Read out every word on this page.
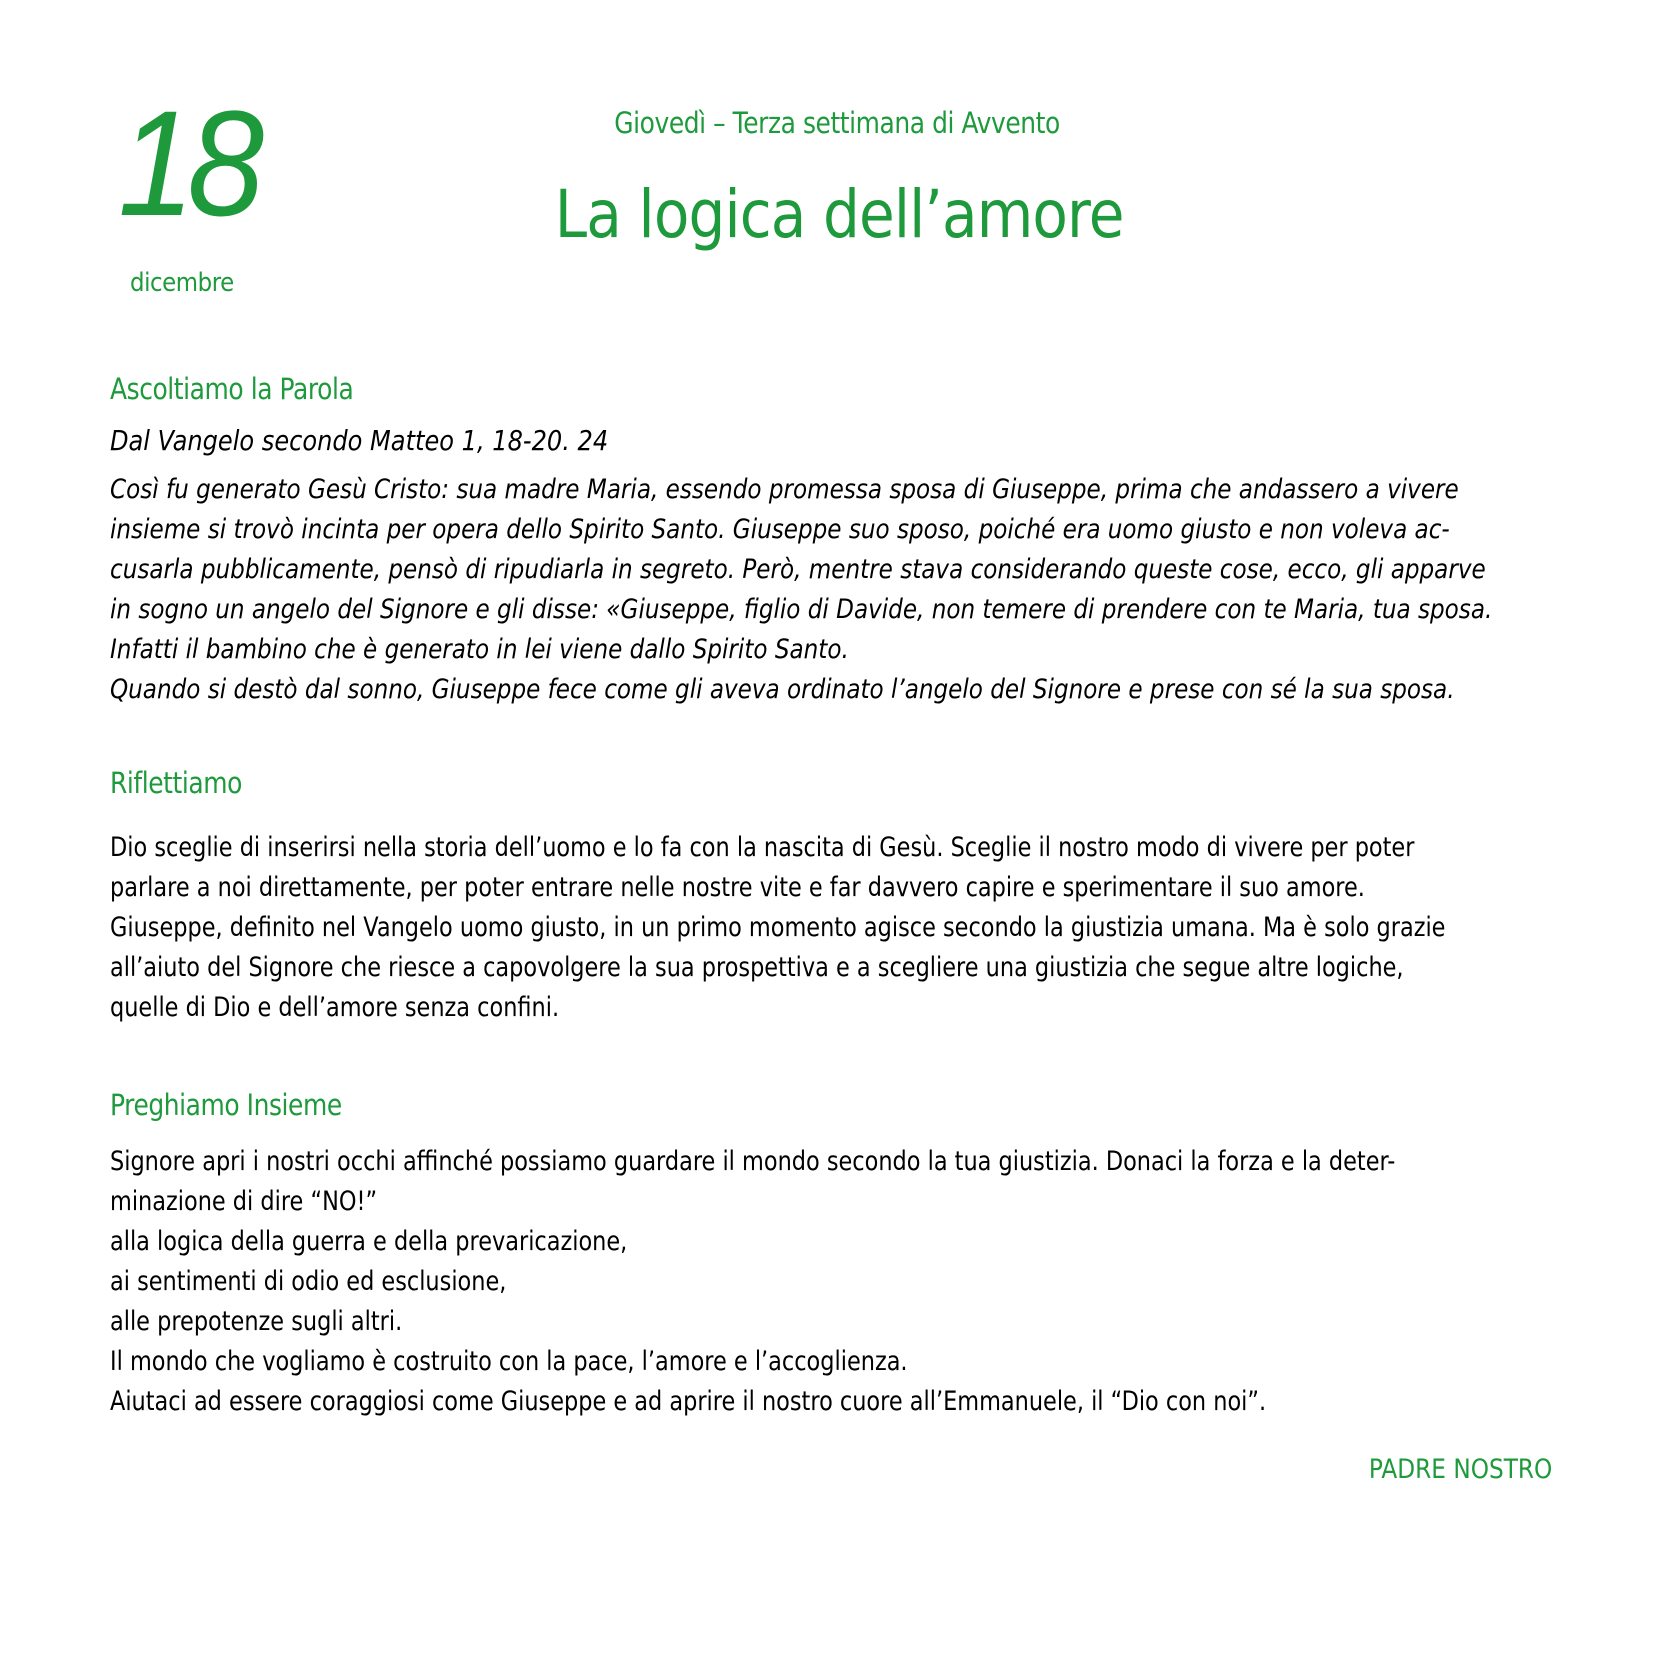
18
dicembre
Giovedì – Terza settimana di Avvento
La logica dell’amore
Ascoltiamo la Parola
Dal Vangelo secondo Matteo 1, 18-20. 24
Così fu generato Gesù Cristo: sua madre Maria, essendo promessa sposa di Giuseppe, prima che andassero a vivere
insieme si trovò incinta per opera dello Spirito Santo. Giuseppe suo sposo, poiché era uomo giusto e non voleva ac-
cusarla pubblicamente, pensò di ripudiarla in segreto. Però, mentre stava considerando queste cose, ecco, gli apparve
in sogno un angelo del Signore e gli disse: «Giuseppe, figlio di Davide, non temere di prendere con te Maria, tua sposa.
Infatti il bambino che è generato in lei viene dallo Spirito Santo.
Quando si destò dal sonno, Giuseppe fece come gli aveva ordinato l’angelo del Signore e prese con sé la sua sposa.
Riflettiamo
Dio sceglie di inserirsi nella storia dell’uomo e lo fa con la nascita di Gesù. Sceglie il nostro modo di vivere per poter
parlare a noi direttamente, per poter entrare nelle nostre vite e far davvero capire e sperimentare il suo amore.
Giuseppe, definito nel Vangelo uomo giusto, in un primo momento agisce secondo la giustizia umana. Ma è solo grazie
all’aiuto del Signore che riesce a capovolgere la sua prospettiva e a scegliere una giustizia che segue altre logiche,
quelle di Dio e dell’amore senza confini.
Preghiamo Insieme
Signore apri i nostri occhi affinché possiamo guardare il mondo secondo la tua giustizia. Donaci la forza e la deter-
minazione di dire “NO!”
alla logica della guerra e della prevaricazione,
ai sentimenti di odio ed esclusione,
alle prepotenze sugli altri.
Il mondo che vogliamo è costruito con la pace, l’amore e l’accoglienza.
Aiutaci ad essere coraggiosi come Giuseppe e ad aprire il nostro cuore all’Emmanuele, il “Dio con noi”.
PADRE NOSTRO
